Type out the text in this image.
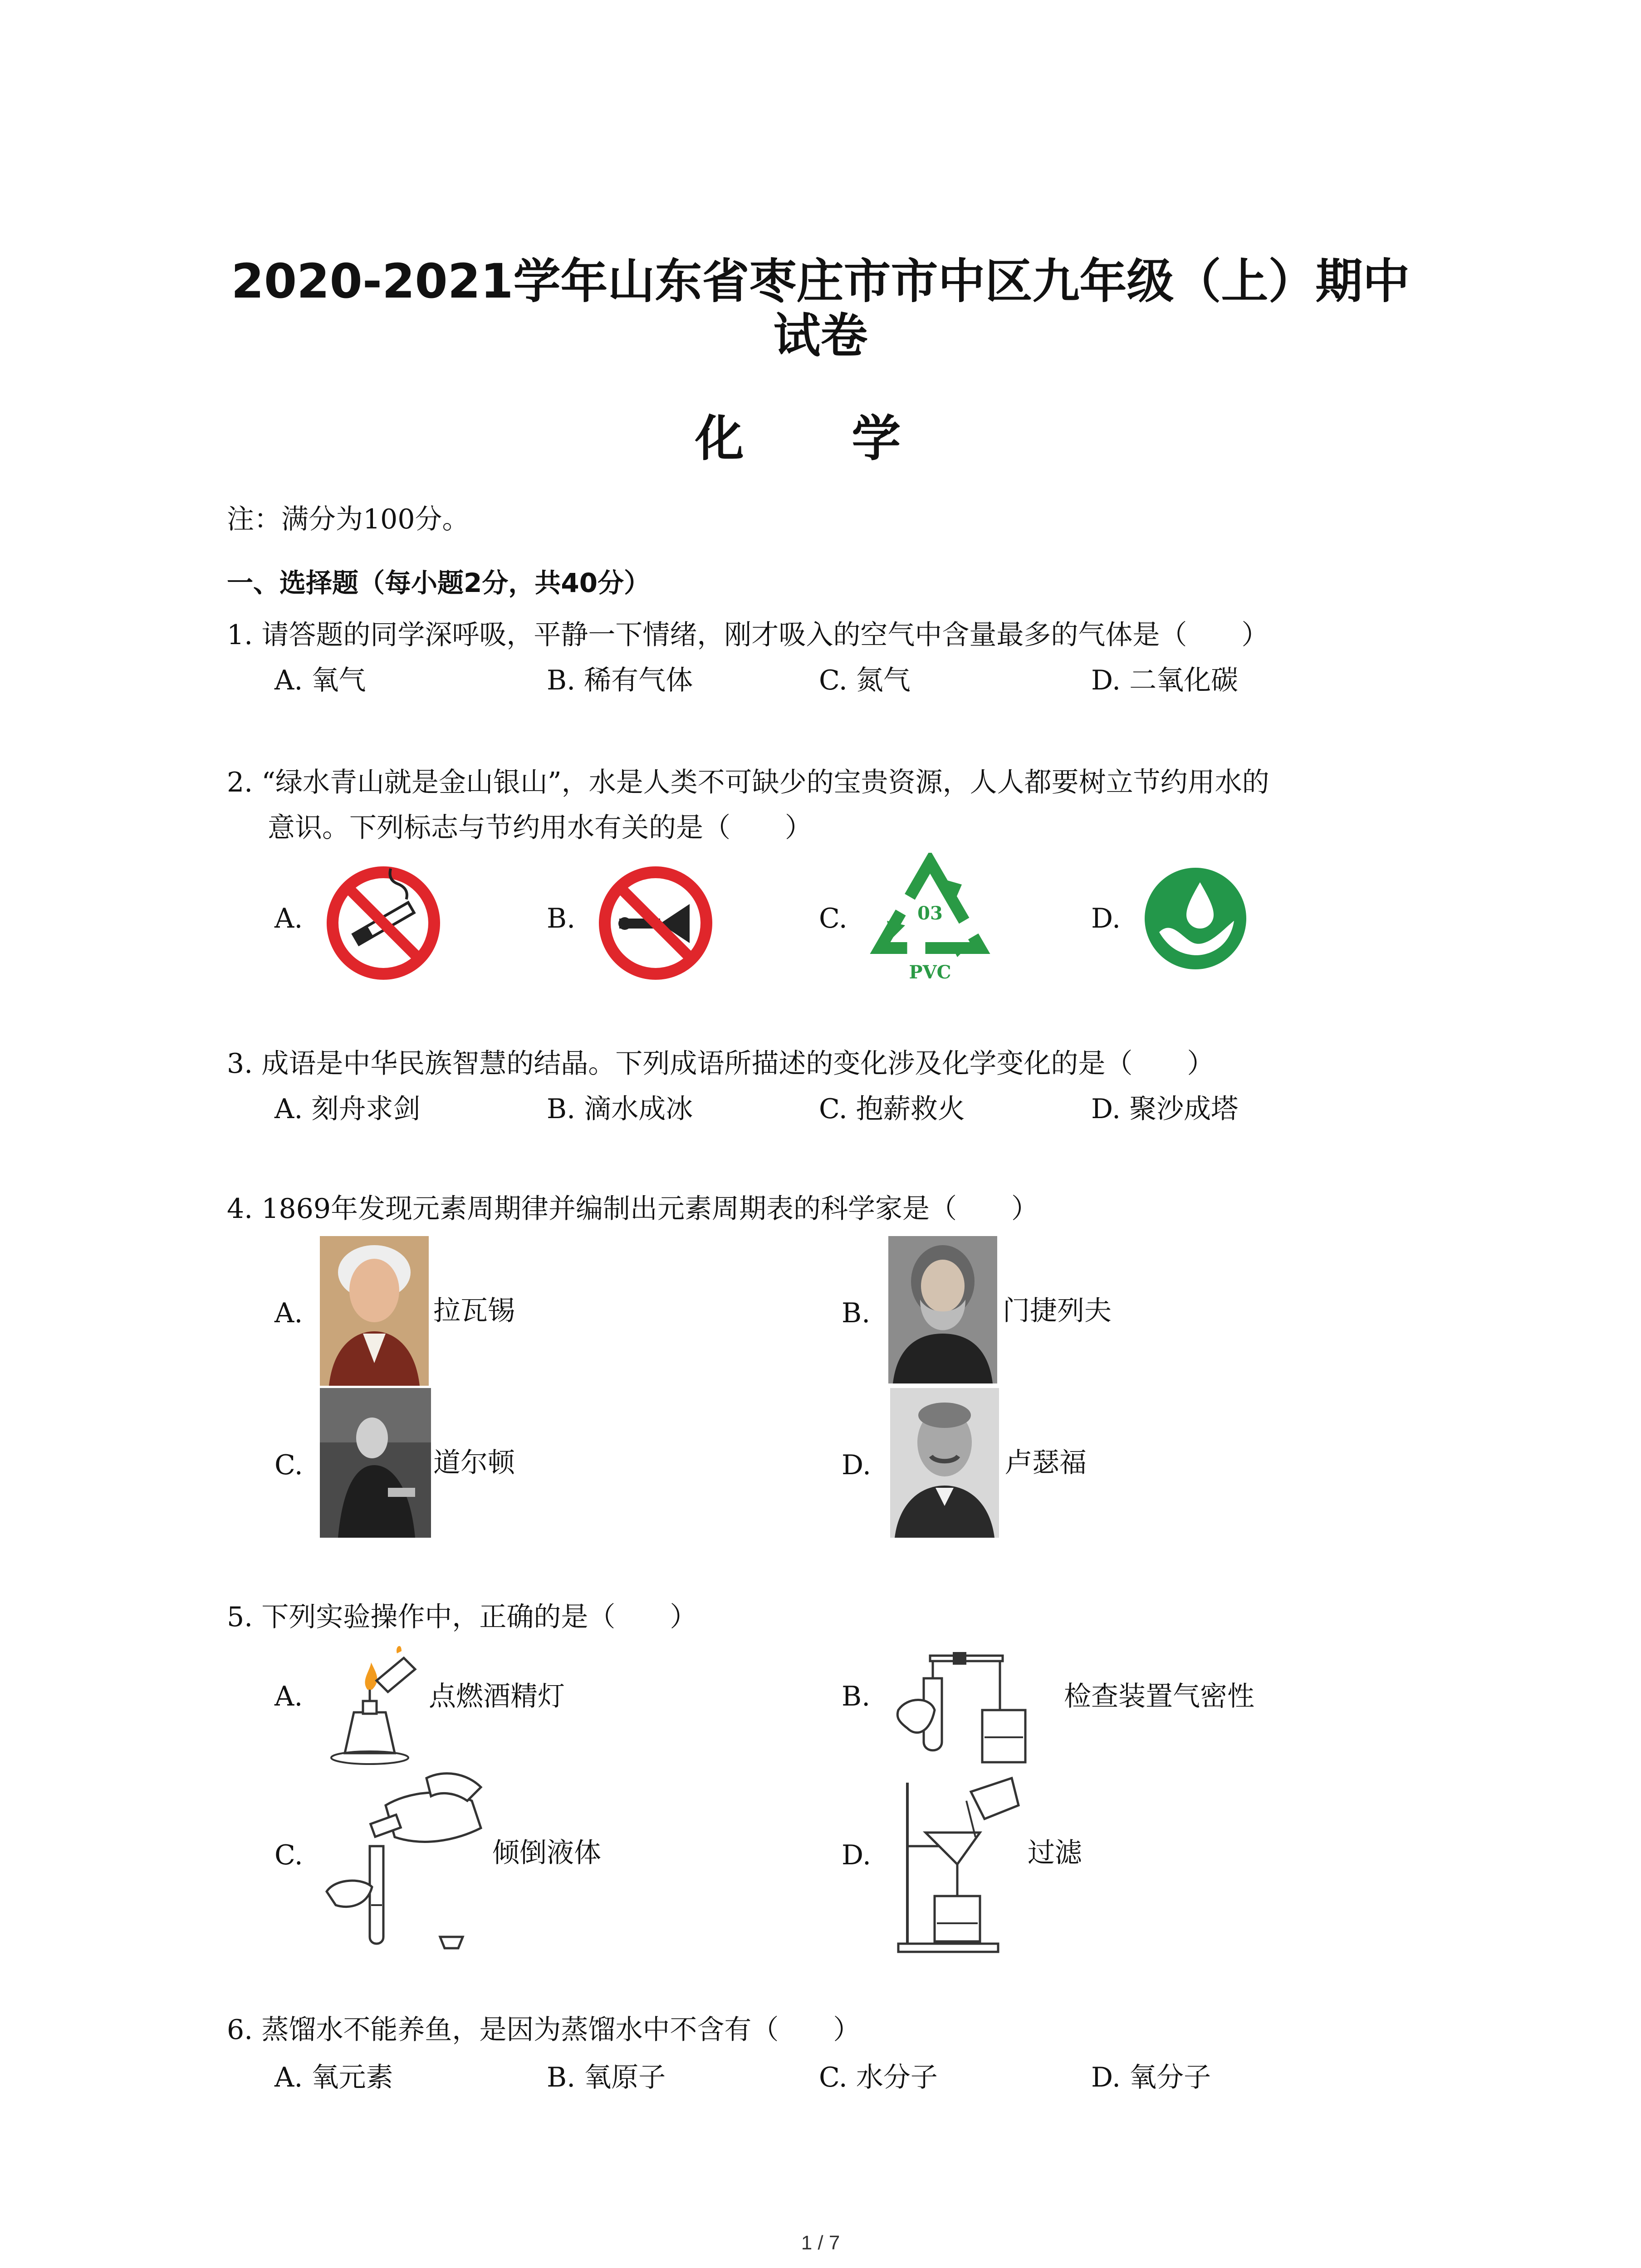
2020-2021学年山东省枣庄市市中区九年级（上）期中
试卷
化 学
注：满分为100分。
一、选择题（每小题2分，共40分）
1. 请答题的同学深呼吸，平静一下情绪，刚才吸入的空气中含量最多的气体是（　　）
A. 氧气	B. 稀有气体	C. 氮气	D. 二氧化碳
2. “绿水青山就是金山银山”，水是人类不可缺少的宝贵资源，人人都要树立节约用水的
意识。下列标志与节约用水有关的是（　　）
A.	B.	C.	03
PVC
D.
3. 成语是中华民族智慧的结晶。下列成语所描述的变化涉及化学变化的是（　　）
A. 刻舟求剑	B. 滴水成冰	C. 抱薪救火	D. 聚沙成塔
4. 1869年发现元素周期律并编制出元素周期表的科学家是（　　）
A.	拉瓦锡	B.	门捷列夫
C.	道尔顿	D.	卢瑟福
5. 下列实验操作中，正确的是（　　）
A.	点燃酒精灯	B.	检查装置气密性
C.	倾倒液体	D.	过滤
6. 蒸馏水不能养鱼，是因为蒸馏水中不含有（　　）
A. 氧元素	B. 氧原子	C. 水分子	D. 氧分子
1 / 7
